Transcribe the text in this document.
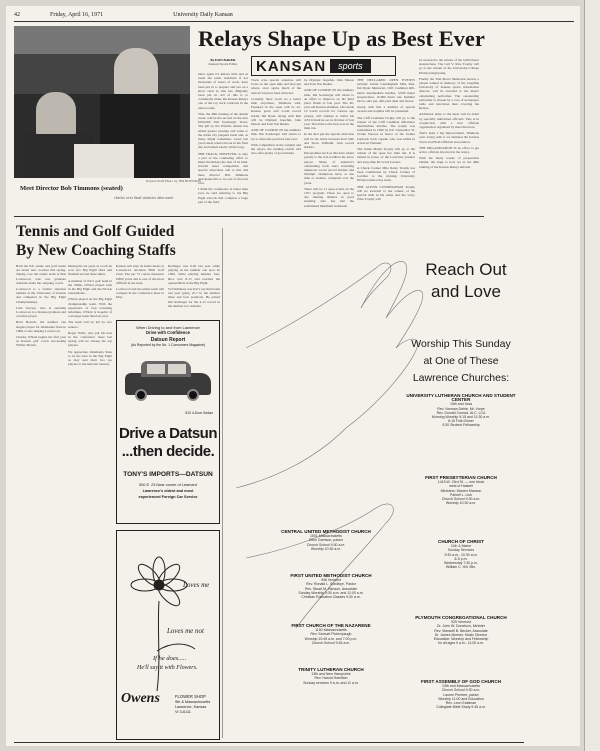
42	Friday, April 16, 1971	University Daily Kansan
Kansan Staff Photo by JIM BOYNKIN
Meet Director Bob Timmons (seated)
checks over final statistics after meet
Relays Shape Up as Best Ever
By DON BAKER
Kansan Sports Editor	KANSAN	sports

Once again it's Relays time and as usual the team, hundreds if not thousands of hours of work, have been put in to prepare and put on a show such as this has diligently been put in. All of this is to continually make the Kansas Relays one of the top track carnivals in the nation today.

This, the 46th running of the annual event, will be the second on the new $250,000 Zim Sossberger Track. The gift by the Wichita oilman has added greater prestige and value to the urban city plagued event and, as many might remember, saved last year's meet when rain set in the final day and lashed nearly all the long.

THE TRACK, HOWEVER, is only a part of the continuing effort to make the Relays the best of its kind. Overall meet competition and special attractions add to this and meet director Bob Timmons anticipates this to be one of the best ever.

I think the conference is better than ever, he said referring to the Big Eight schools that comprise a large part of the field.

Track wise special attention will focus on the open mile and shot put where, once again, much of the nation's best has been attracted.

Certainly there won't be a better mile anywhere, Timmons said. Featured in the open will be ex-Kansas great and world record holder Jim Ryun. Along with him will be Olympic hopefuls John Mason and Tom Von Ruden.

AND OF COURSE IN the numbers mile Jim Sossberger will return to try to better his previous best ever.

With competition in the weights and the relays, the running events will also offer plenty of good marks.

be Olympic hopefuls John Mason and Tom Von Ruden.

AND OF COURSE IN the numbers mile, Jim Sossberger will return to an effort to improve on his third place finish of last year. The 40-year-old Kansas alumnus, who holds 10 world records for various age groups, will attempt to better his 4:35.9 mark he set in October of last year. That time is his best ever in the mile run.

In the shot put the special attraction will be the battle between Karl Salb and Steve Wilhelm, both record holders.

Personalities such as this have added greatly to the rich tradition the show enjoys. Many of America's outstanding track stars, including numerous world record holders and Olympic champions have, at one time or another, competed over the years.

There will be 11 open events on the 1971 program. Three are open to any running athletes in good standing who has met the established minimum standards.

THE DECLARED OPEN EVENTS include: Glenn Cunningham Mile Run, Jim Ryun Memorial, Cliff Cushman 400-meter intermediate hurdles, 3,000 meter steeplechase, 10,000 meter run, hammer throw, shot put, 440-yard dash and discus.

Along with this a number of special awards and trophies will be presented.

The Cliff Cushman Trophy will go to the winner of the Cliff Cushman 400-meter intermediate hurdles. The trophy was established in 1966 by KU Chancellor W. Clarke Wescoe in honor of the former Jayhawk track captain who was killed in action in Vietnam.

The Julius Marks Trophy will go to the winner of the open two mile run. It is named in honor of the Lawrence jeweler and long-time KU track booster.

A Chuck Cramer Mile Relay Trophy has been contributed by Chuck Cramer of Gardner to the winning University Division mile relay team.

THE GLENN CUNNINGHAM Trophy will be awarded to the winner of the special mile in his name and the Larry Wise Trophy will

be awarded to the winner of the 3,000 meter steeplechase. The Carl V. Rice Trophy will go to the winner of the University-College Division high jump.

Finally the Tom Pierce Memorial Award, a plaque named in memory of the longtime University of Kansas sports information director, will be awarded to the meet's outstanding performer. The outstanding performer is chosen by a vote of newspaper radio and television men covering the Relays.

Additional aides to the meet will be aided by specially uniformed officials. This is in conjunction with a new officials organization organized by meet directors.

That's been a big improvement, Timmons said. Along with it we initiated the Kansas Track and Field Officials Association.

THE ORGANIZATION IS an effort to get active officials involved in the relays.

With the many weeks of preparation behind, the stage is now set as the 46th running of the Kansas Relays unfolds.

Tennis and Golf Guided
By New Coaching Staffs

Both the KU tennis and golf teams are under new coaches this spring. Taking over the tennis team is Bob Lockwood, who was graduate assistant under the outgoing coach.

Lockwood is a former standout netman at the University of Kansas and competed in the Big Eight Championships.

John Sawyer, who is assisting Lockwood, is a Kansas graduate and a former player.

Bold Hosack, the number one singles player for Oklahoma State in 1969, is also helping Lockwood.

Charley O'Neal begins his first year as Kansas golf coach succeeding Wilbur Martin.

During his six years as coach he won two Big Eight titles and finished second three times.

A member of KU's golf team in the 1960s, O'Neal played both in the Big Eight and the NCAA tournaments.

O'Neal played on the Big Eight championship team. With the experience of four returning lettermen, O'Neal is hopeful of a stronger team than last year.

The team will be led by two seniors.

Roger Wells, who put his best in the conference meet last spring will be among the top players.

We appreciate Oklahoma State to be the best in the Big Eight as they sent their two top players to the national tourney.

Kansas will play its home meets at Lawrence's Alvamar Hills Golf Club. The par 72 course measures 6,800 yards and is one of the most difficult in the state.

Lockwood and the tennis team will compete in the conference meet in May.

Rollinger was 9-20 last year while playing in the number one spot. In 1969, while playing number four, Rice was 8-15 and reached the quarterfinals at the Big Eight.

Val Simmons was KU's top third team last year going 10-7 in the number three and four positions. He joined Jim Rollinger for the 4-15 record in the number two doubles.

When Driving to and from Lawrence
Drive with Confidence
Datsun Report
(As Reported by the No. 1 Consumers Magazine)
510 4-Door Sedan
Drive a Datsun
...then decide.
TONY'S IMPORTS—DATSUN
500 E. 23 Near corner of Learnard
Lawrence's oldest and most
experienced Foreign Car Service
Loves me
Loves me not
If he does.....
He'll say it with Flowers.
Owens	FLOWER SHOP
9th & Massachusetts
Lawrence, Kansas
VI 3-6111
Reach Out
and Love
Worship This Sunday
at One of These
Lawrence Churches:
UNIVERSITY LUTHERAN CHURCH AND STUDENT CENTER
15th and Iowa
Rev. Norman Dahle, Mr. Vorpe
Rev. Donald Conrad, ALC, LCA
Morning Worship 9:15 and 11:30 a.m.
6:15 Folk Dinner
5:30 Student Fellowship
FIRST PRESBYTERIAN CHURCH
1415 W. 23rd St. — one block
west of Haskell
Ministers: Warren Manson
Parkell L. Link
Church School 9:30 a.m.
Worship 10:30 a.m.
CENTRAL UNITED METHODIST CHURCH
1501 Massachusetts
Elton Garrison, pastor
Church School 9:30 a.m.
Worship 10:30 a.m.
CHURCH OF CHRIST
11th & Maine
Sunday Services
9:30 a.m., 10:30 a.m.
& 6 p.m.
Wednesday 7:30 p.m.
William C. Hill, Min.
FIRST UNITED METHODIST CHURCH
946 Vermont
Rev. Ronald L. Sundbye, Pastor
Rev. Stuart M. Hanson, Associate
Sunday Worship 9:30 a.m. and 11:00 a.m.
Christian Education Classes 9:30 a.m.
PLYMOUTH CONGREGATIONAL CHURCH
925 Vermont
Dr. John W. Donelson, Minister
Rev. Maxwell B. Becker, Associate
Dr. James Moeser, Music Director
Education: Worship and Fellowship
for all ages 9 a.m., 11:00 a.m.
FIRST CHURCH OF THE NAZARENE
1150 Massachusetts
Rev. Samuel Pickenpaugh
Worship 10:45 a.m. and 7:00 p.m.
Church School 9:45 a.m.
TRINITY LUTHERAN CHURCH
13th and New Hampshire
Rev. Harold Hamilton
Sunday services 9 a.m. and 11 a.m.	FIRST ASSEMBLY OF GOD CHURCH
13th and Massachusetts
Church School 9:30 a.m.
Lauren Pember, pastor
Worship 11:00 and Education
Rev. Leon Eastman
Collegiate Bible Study 9:45 a.m.
